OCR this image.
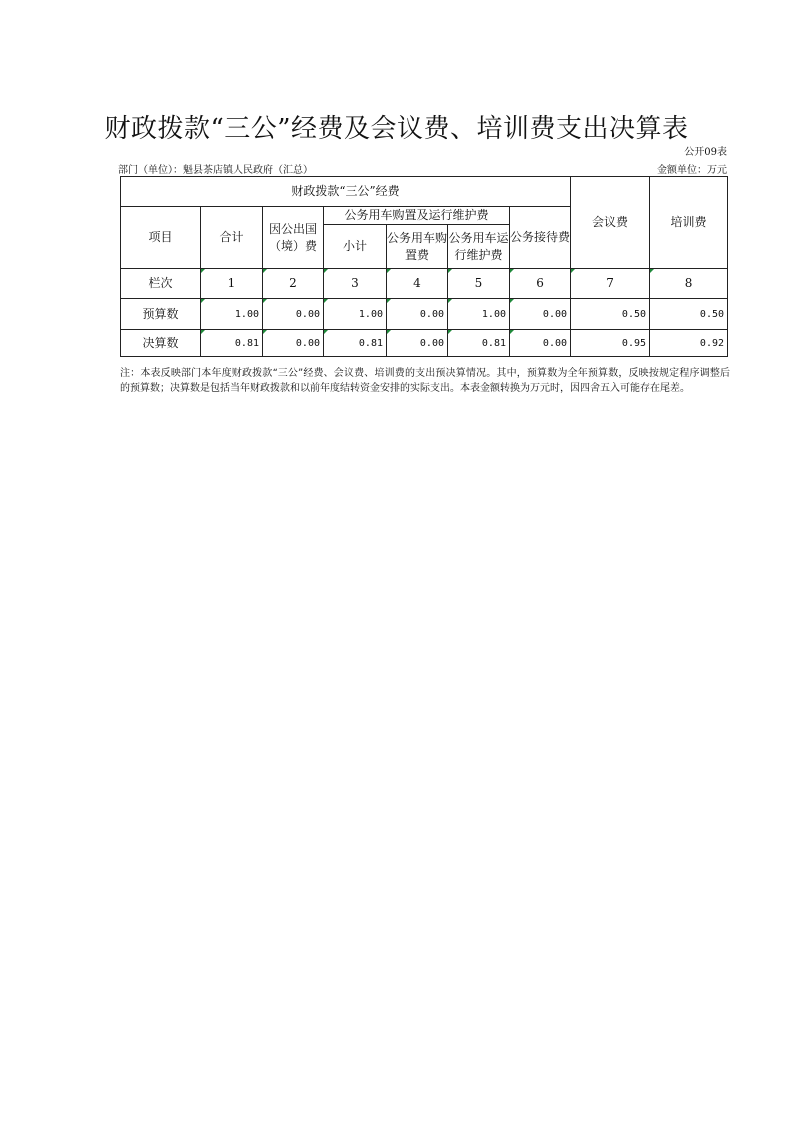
财政拨款“三公”经费及会议费、培训费支出决算表
公开09表
部门（单位）：魁县茶店镇人民政府（汇总）	金额单位：万元
财政拨款“三公”经费							会议费	培训费
项目	合计	因公出国（境）费	公务用车购置及运行维护费			公务接待费		
			小计	公务用车购置费	公务用车运行维护费			
栏次	1	2	3	4	5	6	7	8
预算数	1.00	0.00	1.00	0.00	1.00	0.00	0.50	0.50
决算数	0.81	0.00	0.81	0.00	0.81	0.00	0.95	0.92
注：本表反映部门本年度财政拨款“三公”经费、会议费、培训费的支出预决算情况。其中，预算数为全年预算数，反映按规定程序调整后的预算数；决算数是包括当年财政拨款和以前年度结转资金安排的实际支出。本表金额转换为万元时，因四舍五入可能存在尾差。
